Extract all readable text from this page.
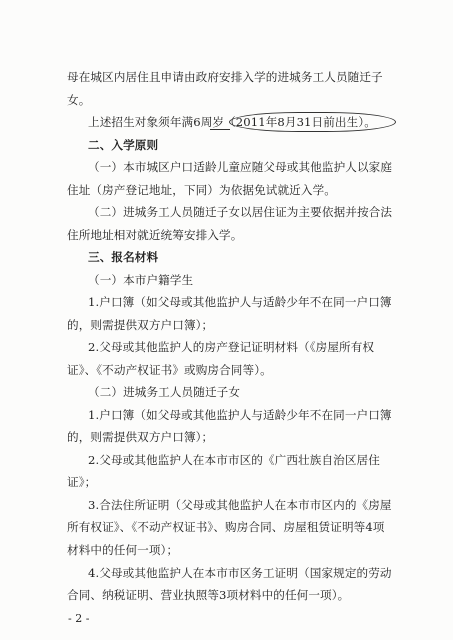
母在城区内居住且申请由政府安排入学的进城务工人员随迁子
女。
上述招生对象须年满6周岁（2011年8月31日前出生）。
二、入学原则
（一）本市城区户口适龄儿童应随父母或其他监护人以家庭
住址（房产登记地址，下同）为依据免试就近入学。
（二）进城务工人员随迁子女以居住证为主要依据并按合法
住所地址相对就近统筹安排入学。
三、报名材料
（一）本市户籍学生
1.户口簿（如父母或其他监护人与适龄少年不在同一户口簿
的，则需提供双方户口簿）；
2.父母或其他监护人的房产登记证明材料（《房屋所有权
证》、《不动产权证书》或购房合同等）。
（二）进城务工人员随迁子女
1.户口簿（如父母或其他监护人与适龄少年不在同一户口簿
的，则需提供双方户口簿）；
2.父母或其他监护人在本市市区的《广西壮族自治区居住
证》；
3.合法住所证明（父母或其他监护人在本市市区内的《房屋
所有权证》、《不动产权证书》、购房合同、房屋租赁证明等4项
材料中的任何一项）；
4.父母或其他监护人在本市市区务工证明（国家规定的劳动
合同、纳税证明、营业执照等3项材料中的任何一项）。
- 2 -
